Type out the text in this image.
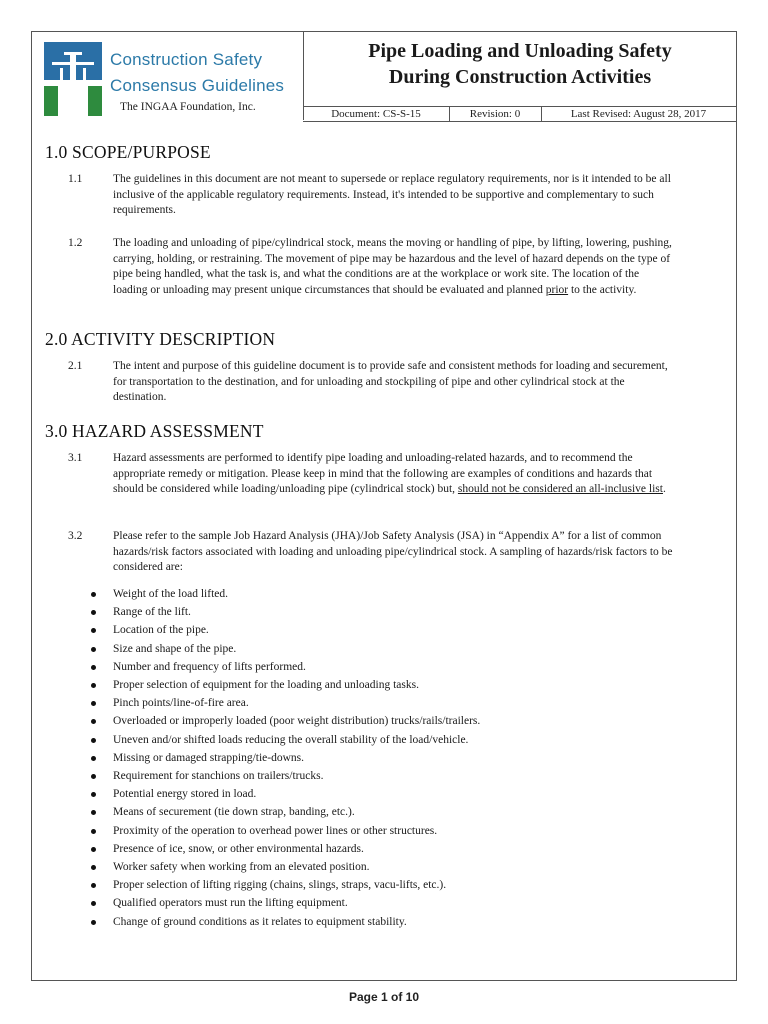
Construction Safety
Consensus Guidelines
The INGAA Foundation, Inc.
Pipe Loading and Unloading Safety
During Construction Activities
Document: CS-S-15	Revision: 0	Last Revised: August 28, 2017
1.0 SCOPE/PURPOSE
1.1	The guidelines in this document are not meant to supersede or replace regulatory requirements, nor is it intended to be all inclusive of the applicable regulatory requirements. Instead, it's intended to be supportive and complementary to such requirements.
1.2	The loading and unloading of pipe/cylindrical stock, means the moving or handling of pipe, by lifting, lowering, pushing, carrying, holding, or restraining. The movement of pipe may be hazardous and the level of hazard depends on the type of pipe being handled, what the task is, and what the conditions are at the workplace or work site. The location of the loading or unloading may present unique circumstances that should be evaluated and planned prior to the activity.
2.0 ACTIVITY DESCRIPTION
2.1	The intent and purpose of this guideline document is to provide safe and consistent methods for loading and securement, for transportation to the destination, and for unloading and stockpiling of pipe and other cylindrical stock at the destination.
3.0 HAZARD ASSESSMENT
3.1	Hazard assessments are performed to identify pipe loading and unloading-related hazards, and to recommend the appropriate remedy or mitigation. Please keep in mind that the following are examples of conditions and hazards that should be considered while loading/unloading pipe (cylindrical stock) but, should not be considered an all-inclusive list.
3.2	Please refer to the sample Job Hazard Analysis (JHA)/Job Safety Analysis (JSA) in “Appendix A” for a list of common hazards/risk factors associated with loading and unloading pipe/cylindrical stock. A sampling of hazards/risk factors to be considered are:
Weight of the load lifted.
Range of the lift.
Location of the pipe.
Size and shape of the pipe.
Number and frequency of lifts performed.
Proper selection of equipment for the loading and unloading tasks.
Pinch points/line-of-fire area.
Overloaded or improperly loaded (poor weight distribution) trucks/rails/trailers.
Uneven and/or shifted loads reducing the overall stability of the load/vehicle.
Missing or damaged strapping/tie-downs.
Requirement for stanchions on trailers/trucks.
Potential energy stored in load.
Means of securement (tie down strap, banding, etc.).
Proximity of the operation to overhead power lines or other structures.
Presence of ice, snow, or other environmental hazards.
Worker safety when working from an elevated position.
Proper selection of lifting rigging (chains, slings, straps, vacu-lifts, etc.).
Qualified operators must run the lifting equipment.
Change of ground conditions as it relates to equipment stability.
Page 1 of 10
